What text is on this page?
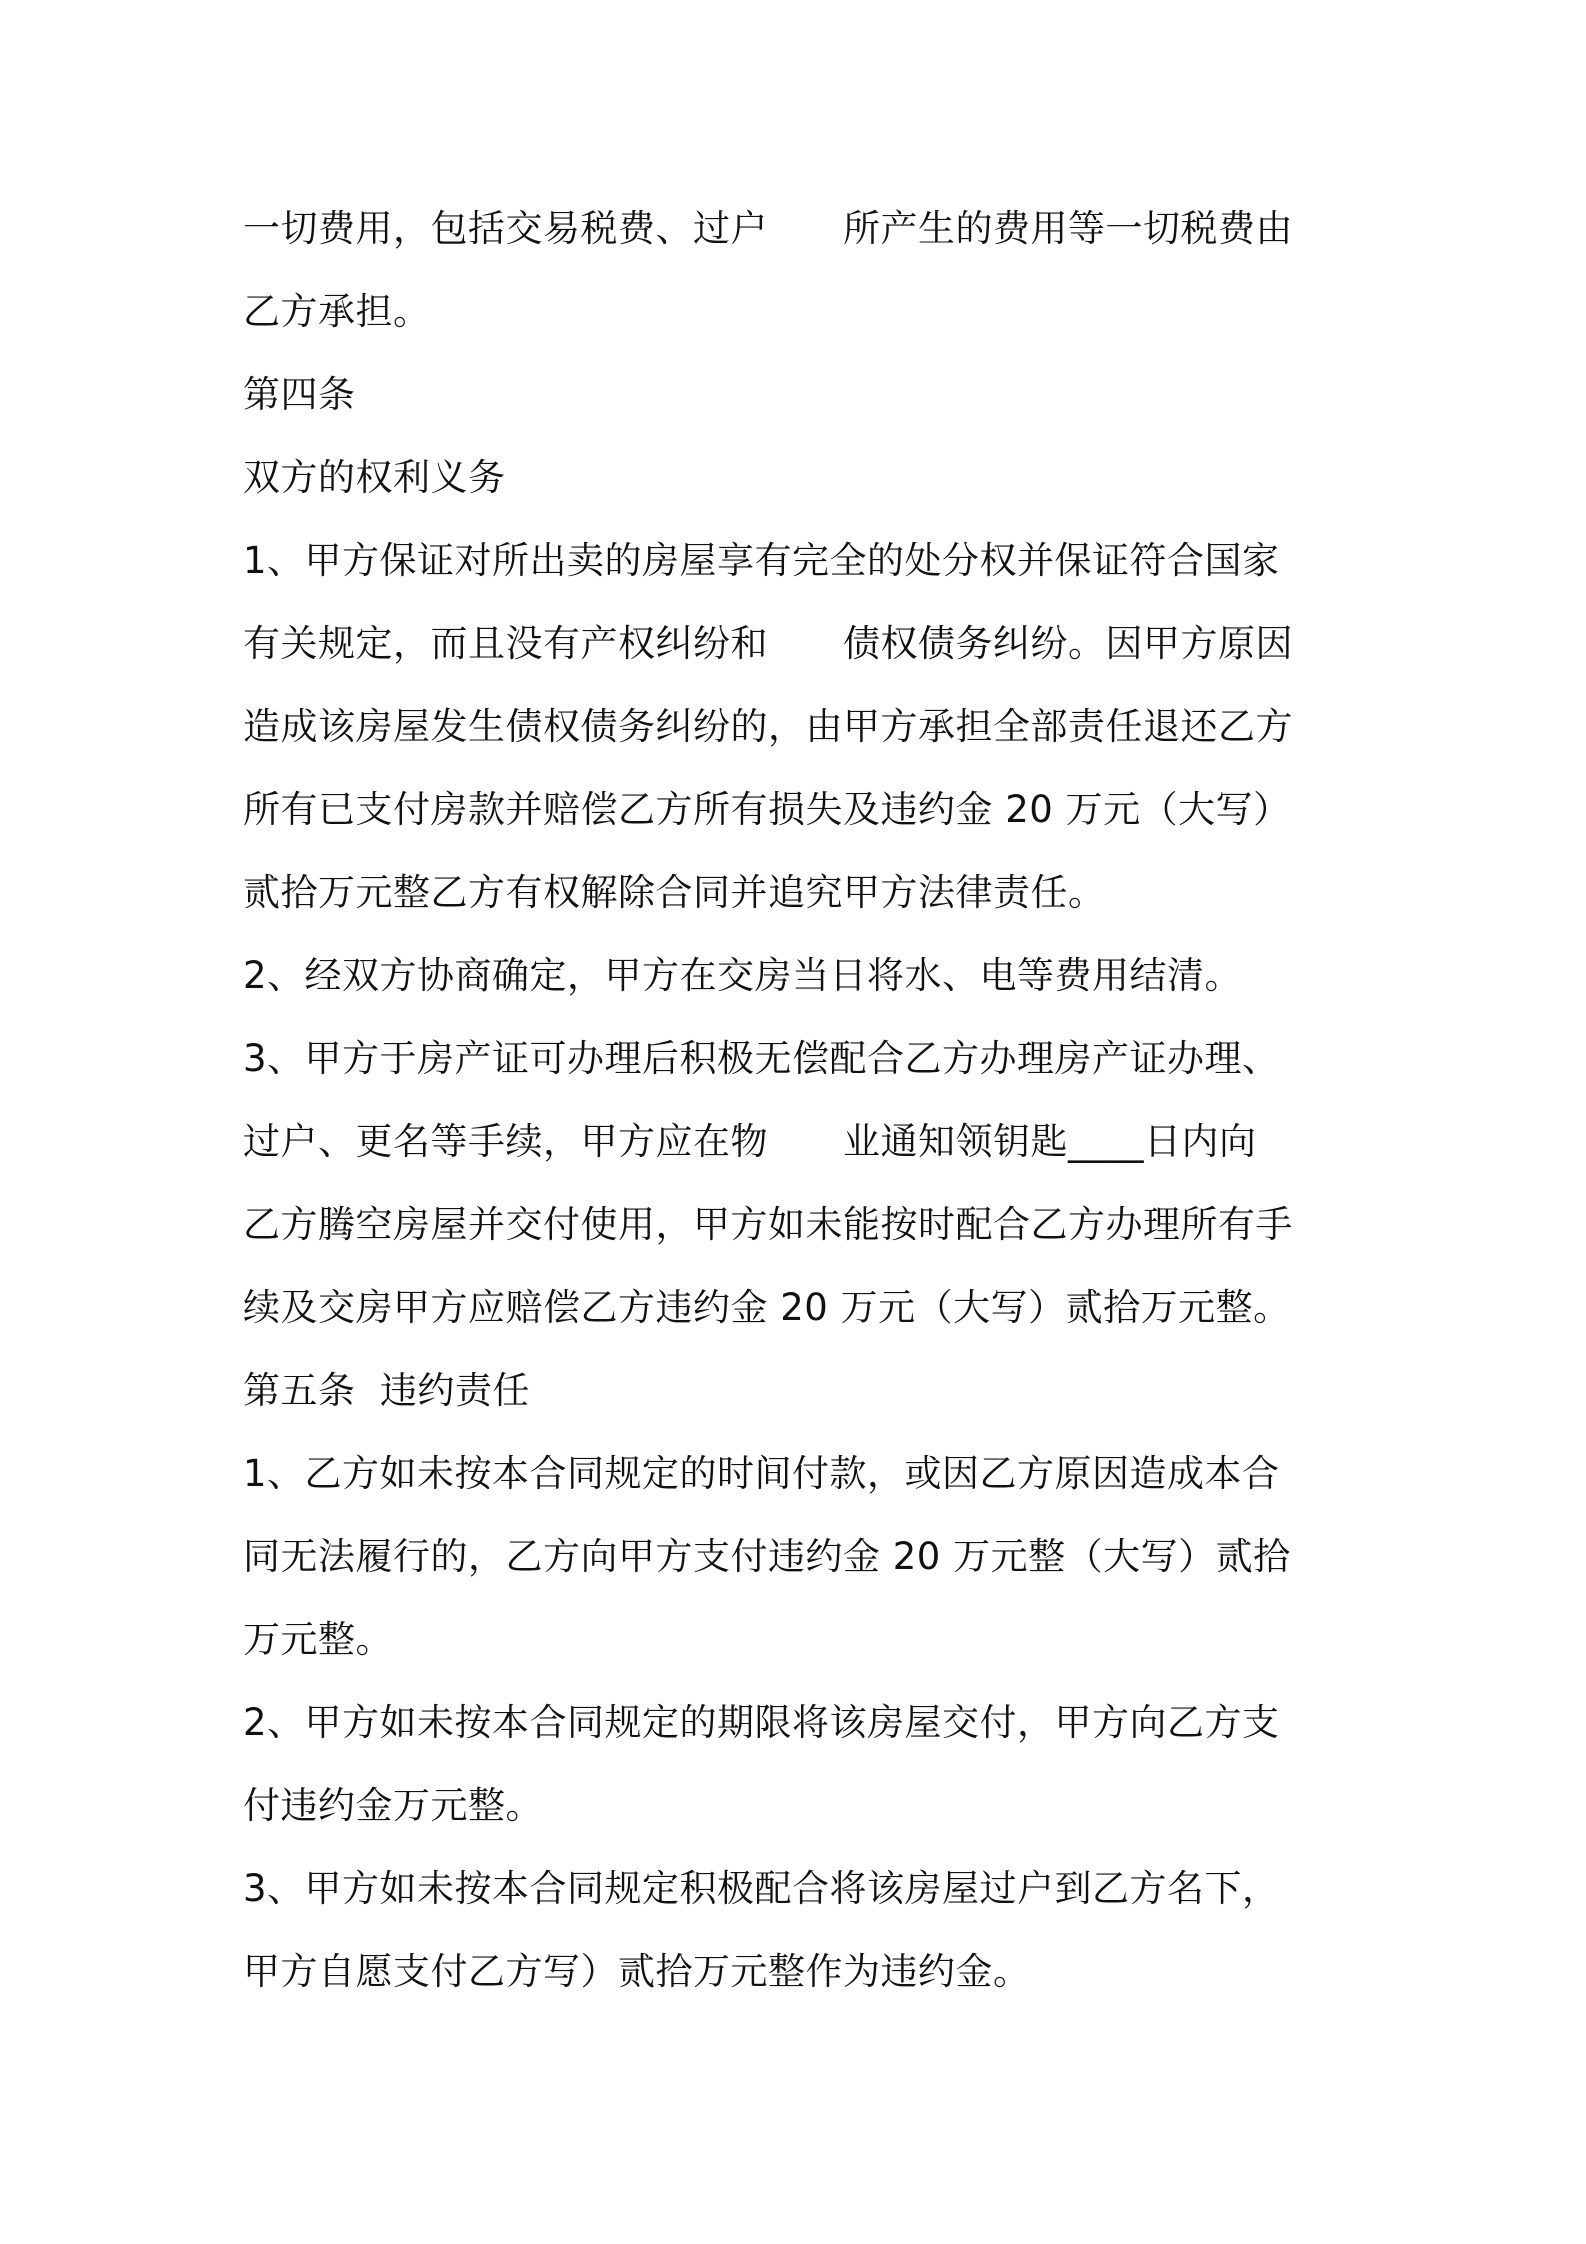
一切费用，包括交易税费、过户　　所产生的费用等一切税费由
乙方承担。
第四条
双方的权利义务
1、甲方保证对所出卖的房屋享有完全的处分权并保证符合国家
有关规定，而且没有产权纠纷和　　债权债务纠纷。因甲方原因
造成该房屋发生债权债务纠纷的，由甲方承担全部责任退还乙方
所有已支付房款并赔偿乙方所有损失及违约金 20 万元（大写）
贰拾万元整乙方有权解除合同并追究甲方法律责任。
2、经双方协商确定，甲方在交房当日将水、电等费用结清。
3、甲方于房产证可办理后积极无偿配合乙方办理房产证办理、
过户、更名等手续，甲方应在物　　业通知领钥匙____日内向
乙方腾空房屋并交付使用，甲方如未能按时配合乙方办理所有手
续及交房甲方应赔偿乙方违约金 20 万元（大写）贰拾万元整。
第五条  违约责任
1、乙方如未按本合同规定的时间付款，或因乙方原因造成本合
同无法履行的，乙方向甲方支付违约金 20 万元整（大写）贰拾
万元整。
2、甲方如未按本合同规定的期限将该房屋交付，甲方向乙方支
付违约金万元整。
3、甲方如未按本合同规定积极配合将该房屋过户到乙方名下，
甲方自愿支付乙方写）贰拾万元整作为违约金。
